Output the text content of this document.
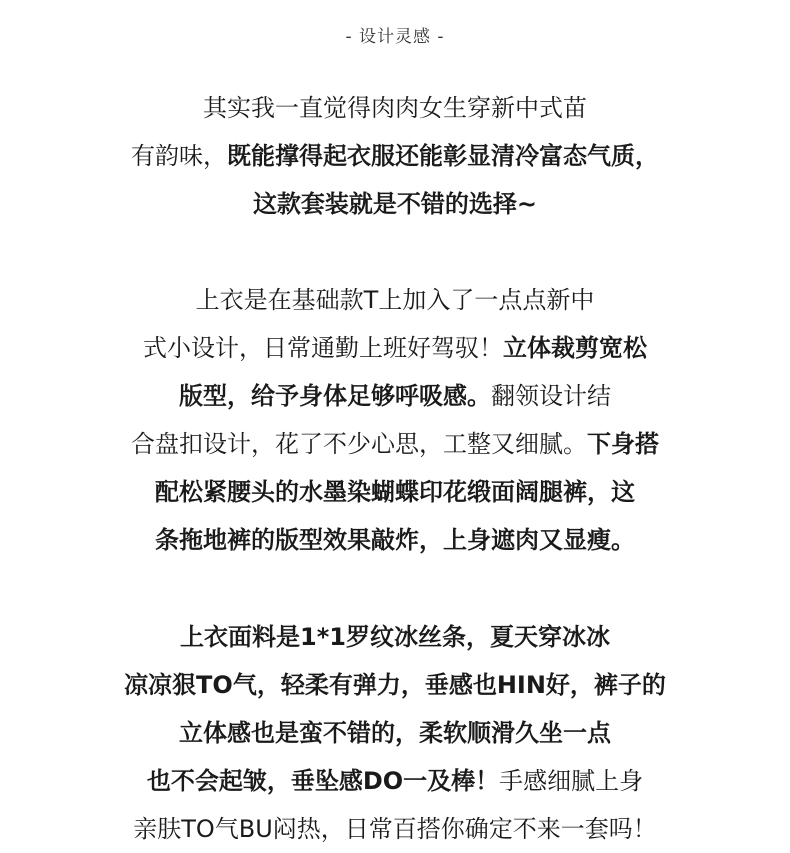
- 设计灵感 -
其实我一直觉得肉肉女生穿新中式苗
有韵味，既能撑得起衣服还能彰显清冷富态气质，
这款套装就是不错的选择~
上衣是在基础款T上加入了一点点新中
式小设计，日常通勤上班好驾驭！立体裁剪宽松
版型，给予身体足够呼吸感。翻领设计结
合盘扣设计，花了不少心思，工整又细腻。下身搭
配松紧腰头的水墨染蝴蝶印花缎面阔腿裤，这
条拖地裤的版型效果敲炸，上身遮肉又显瘦。
上衣面料是1*1罗纹冰丝条，夏天穿冰冰
凉凉狠TO气，轻柔有弹力，垂感也HIN好，裤子的
立体感也是蛮不错的，柔软顺滑久坐一点
也不会起皱，垂坠感DO一及棒！手感细腻上身
亲肤TO气BU闷热，日常百搭你确定不来一套吗！
